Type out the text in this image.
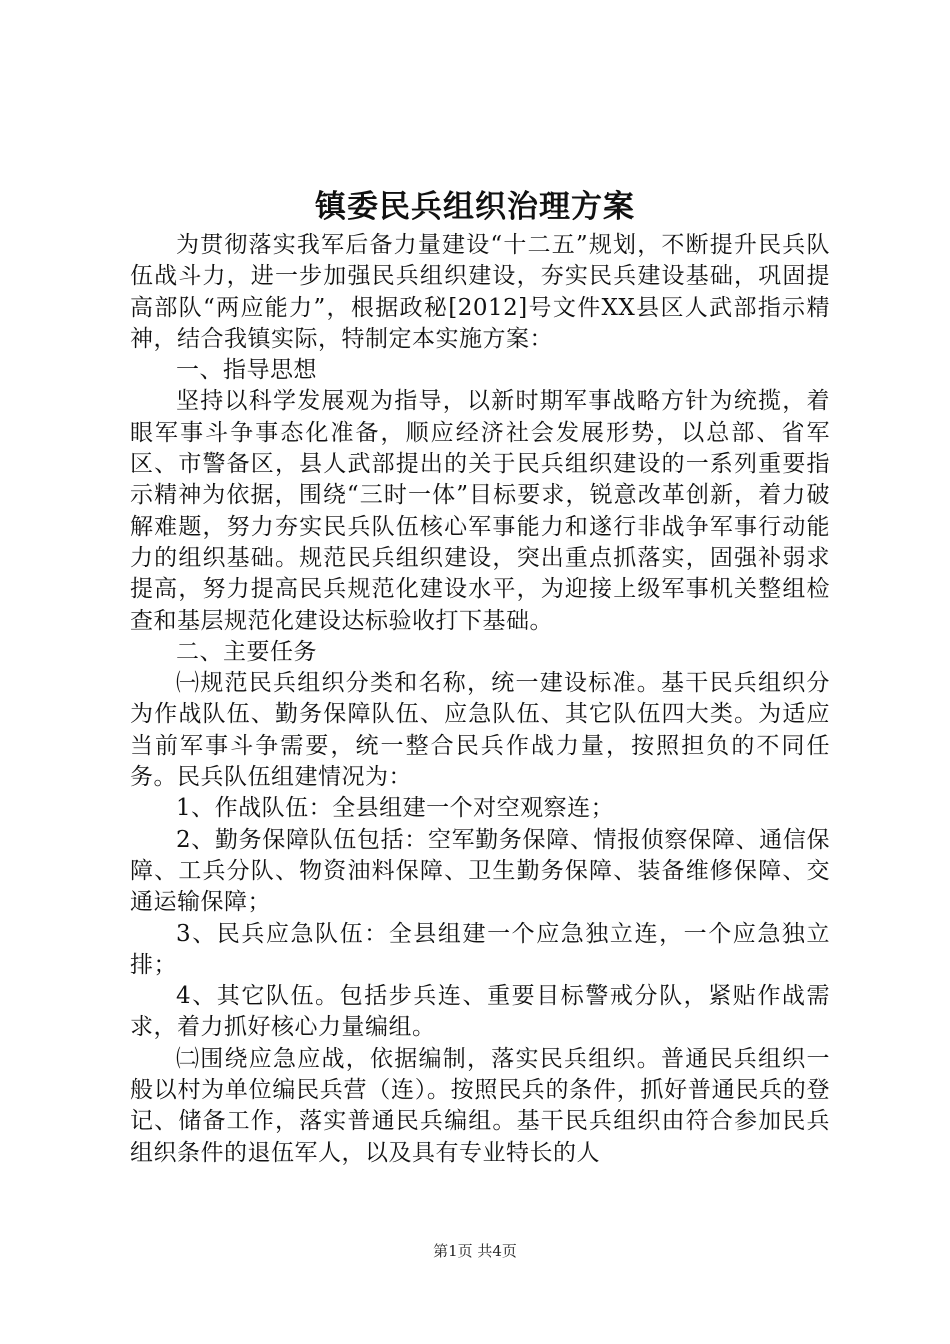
镇委民兵组织治理方案

为贯彻落实我军后备力量建设“十二五”规划，不断提升民兵队伍战斗力，进一步加强民兵组织建设，夯实民兵建设基础，巩固提高部队“两应能力”，根据政秘[2012]号文件XX县区人武部指示精神，结合我镇实际，特制定本实施方案：

一、指导思想

坚持以科学发展观为指导，以新时期军事战略方针为统揽，着眼军事斗争事态化准备，顺应经济社会发展形势，以总部、省军区、市警备区，县人武部提出的关于民兵组织建设的一系列重要指示精神为依据，围绕“三时一体”目标要求，锐意改革创新，着力破解难题，努力夯实民兵队伍核心军事能力和遂行非战争军事行动能力的组织基础。规范民兵组织建设，突出重点抓落实，固强补弱求提高，努力提高民兵规范化建设水平，为迎接上级军事机关整组检查和基层规范化建设达标验收打下基础。

二、主要任务

㈠规范民兵组织分类和名称，统一建设标准。基干民兵组织分为作战队伍、勤务保障队伍、应急队伍、其它队伍四大类。为适应当前军事斗争需要，统一整合民兵作战力量，按照担负的不同任务。民兵队伍组建情况为：

1、作战队伍：全县组建一个对空观察连；

2、勤务保障队伍包括：空军勤务保障、情报侦察保障、通信保障、工兵分队、物资油料保障、卫生勤务保障、装备维修保障、交通运输保障；

3、民兵应急队伍：全县组建一个应急独立连，一个应急独立排；

4、其它队伍。包括步兵连、重要目标警戒分队，紧贴作战需求，着力抓好核心力量编组。

㈡围绕应急应战，依据编制，落实民兵组织。普通民兵组织一般以村为单位编民兵营（连）。按照民兵的条件，抓好普通民兵的登记、储备工作，落实普通民兵编组。基干民兵组织由符合参加民兵组织条件的退伍军人，以及具有专业特长的人

第1页 共4页
